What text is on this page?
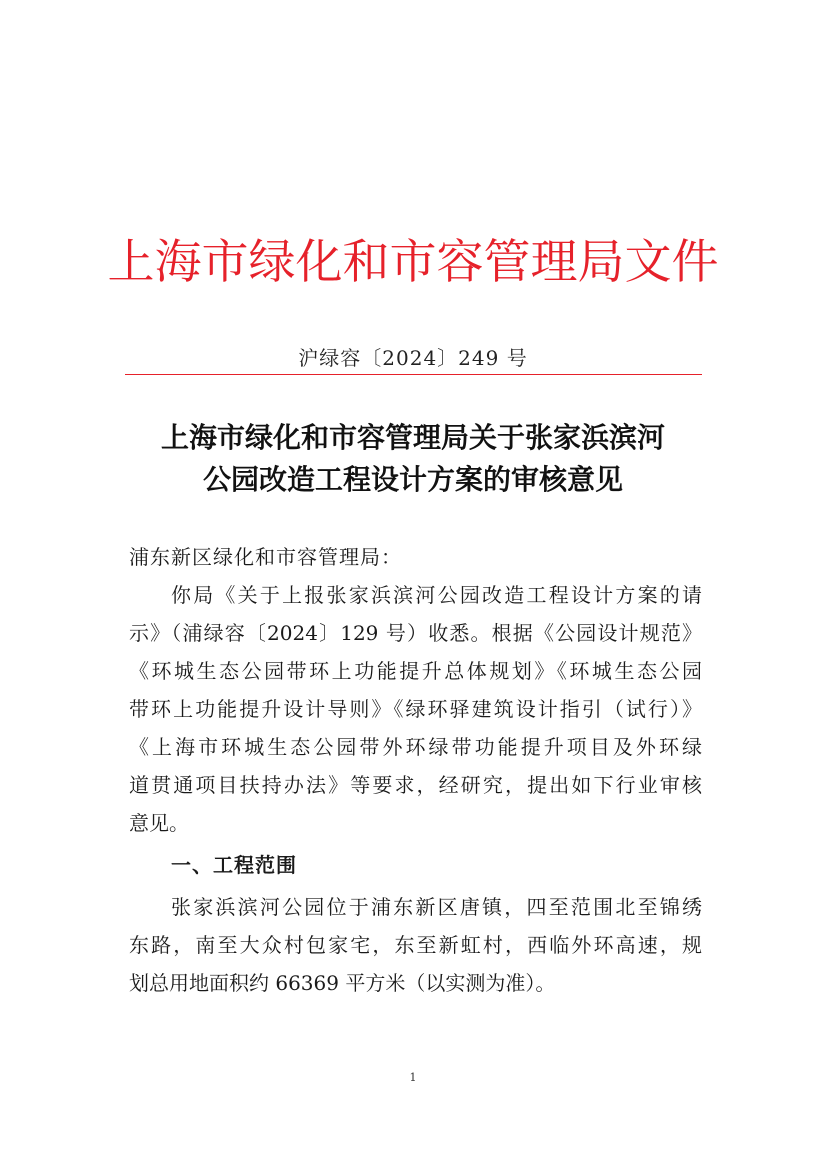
上海市绿化和市容管理局文件
沪绿容〔2024〕249 号
上海市绿化和市容管理局关于张家浜滨河
公园改造工程设计方案的审核意见
浦东新区绿化和市容管理局：
你局《关于上报张家浜滨河公园改造工程设计方案的请
示》（浦绿容〔2024〕129 号）收悉。根据《公园设计规范》
《环城生态公园带环上功能提升总体规划》《环城生态公园
带环上功能提升设计导则》《绿环驿建筑设计指引（试行）》
《上海市环城生态公园带外环绿带功能提升项目及外环绿
道贯通项目扶持办法》等要求，经研究，提出如下行业审核
意见。
一、工程范围
张家浜滨河公园位于浦东新区唐镇，四至范围北至锦绣
东路，南至大众村包家宅，东至新虹村，西临外环高速，规
划总用地面积约 66369 平方米（以实测为准）。
1
